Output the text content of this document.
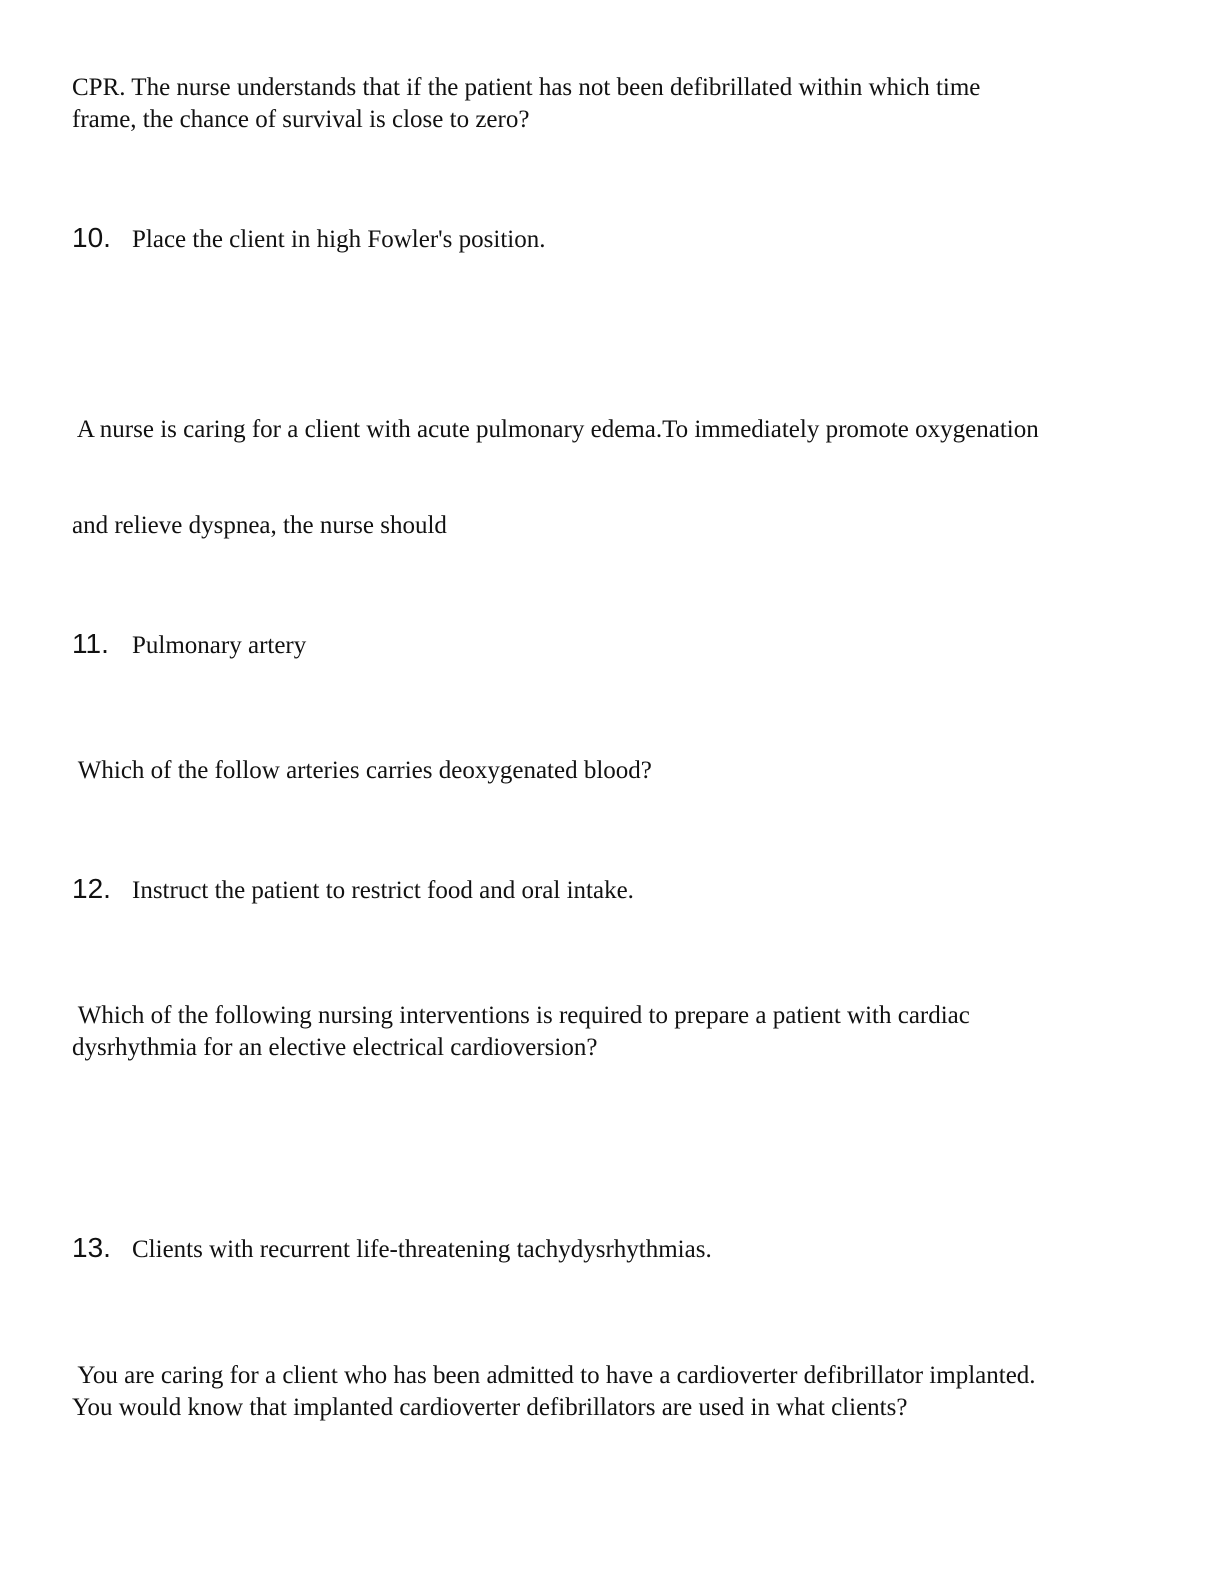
CPR. The nurse understands that if the patient has not been defibrillated within which time
frame, the chance of survival is close to zero?
10. Place the client in high Fowler's position.

A nurse is caring for a client with acute pulmonary edema.To immediately promote oxygenation

and relieve dyspnea, the nurse should

11. Pulmonary artery
Which of the follow arteries carries deoxygenated blood?
12. Instruct the patient to restrict food and oral intake.
Which of the following nursing interventions is required to prepare a patient with cardiac
dysrhythmia for an elective electrical cardioversion?
13. Clients with recurrent life-threatening tachydysrhythmias.
You are caring for a client who has been admitted to have a cardioverter defibrillator implanted.
You would know that implanted cardioverter defibrillators are used in what clients?
